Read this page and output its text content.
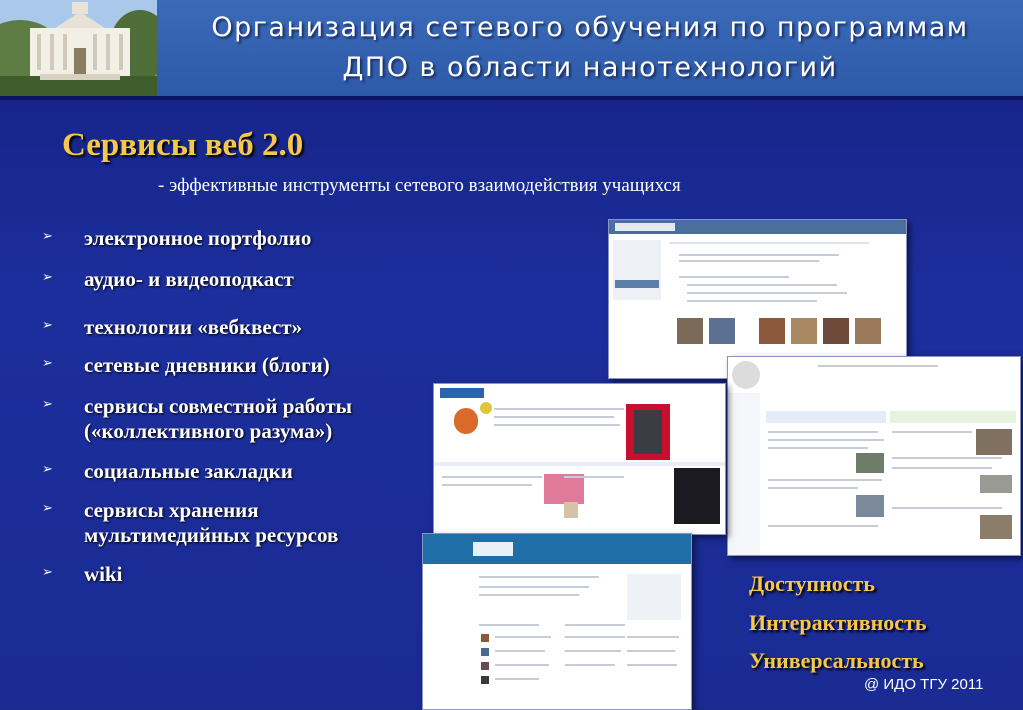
Организация сетевого обучения по программам
ДПО в области нанотехнологий
Сервисы веб 2.0
- эффективные инструменты сетевого взаимодействия учащихся
➢ электронное портфолио
➢ аудио- и видеоподкаст
➢ технологии «вебквест»
➢ сетевые дневники (блоги)
➢ сервисы совместной работы («коллективного разума»)
➢ социальные закладки
➢ сервисы хранения мультимедийных ресурсов
➢ wiki	Доступность
Интерактивность
Универсальность
@ ИДО ТГУ 2011
